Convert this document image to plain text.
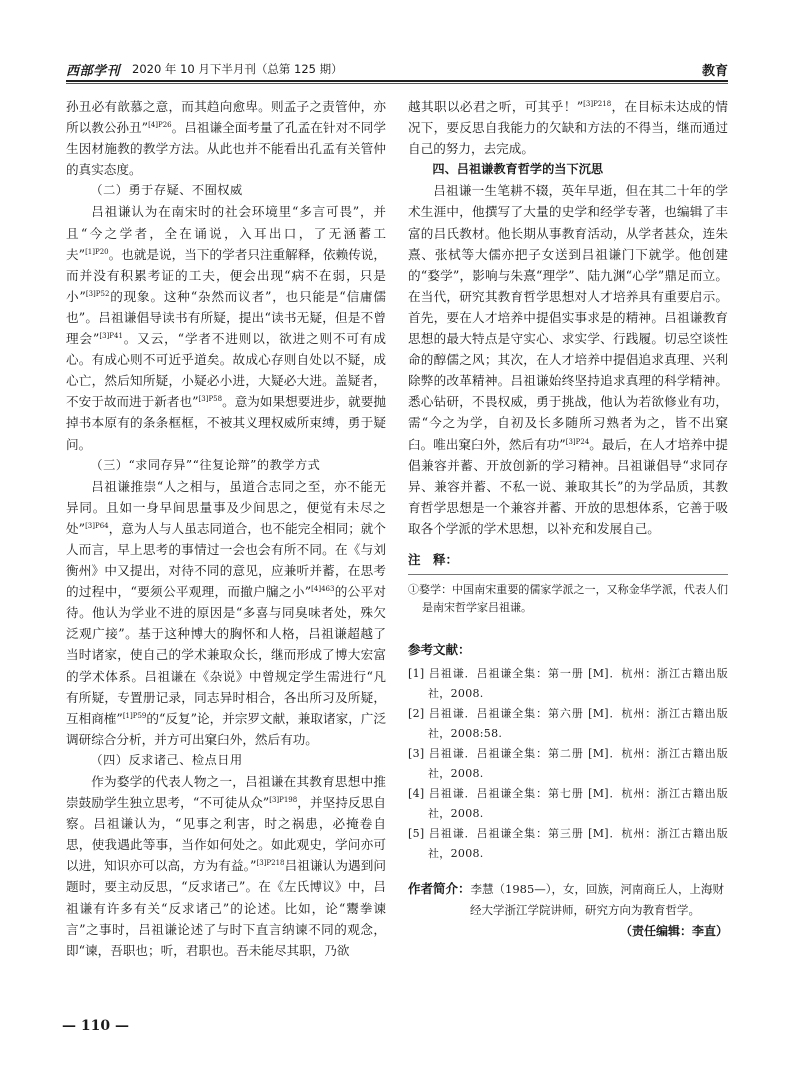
西部学刊 2020 年 10 月下半月刊（总第 125 期）	教育

孙丑必有歆慕之意，而其趋向愈卑。则孟子之责管仲，亦所以教公孙丑”$^{[4]P26}$。吕祖谦全面考量了孔孟在针对不同学生因材施教的教学方法。从此也并不能看出孔孟有关管仲的真实态度。

（二）勇于存疑、不囿权威

吕祖谦认为在南宋时的社会环境里“多言可畏”，并且“今之学者，全在诵说，入耳出口，了无涵蓄工夫”$^{[1]P20}$。也就是说，当下的学者只注重解释，依赖传说，而并没有积累考证的工夫，便会出现“病不在弱，只是小”$^{[3]P52}$的现象。这种“杂然而议者”，也只能是“信庸儒也”。吕祖谦倡导读书有所疑，提出“读书无疑，但是不曾理会”$^{[3]P41}$。又云，“学者不进则以，欲进之则不可有成心。有成心则不可近乎道矣。故成心存则自处以不疑，成心亡，然后知所疑，小疑必小进，大疑必大进。盖疑者，不安于故而进于新者也”$^{[3]P58}$。意为如果想要进步，就要抛掉书本原有的条条框框，不被其义理权威所束缚，勇于疑问。

（三）“求同存异”“往复论辩”的教学方式

吕祖谦推崇“人之相与，虽道合志同之至，亦不能无异同。且如一身早间思量事及少间思之，便觉有未尽之处”$^{[3]P64}$，意为人与人虽志同道合，也不能完全相同；就个人而言，早上思考的事情过一会也会有所不同。在《与刘衡州》中又提出，对待不同的意见，应兼听并蓄，在思考的过程中，“要须公平观理，而撤户牖之小”$^{[4]463}$的公平对待。他认为学业不进的原因是“多喜与同臭味者处，殊欠泛观广接”。基于这种博大的胸怀和人格，吕祖谦超越了当时诸家，使自己的学术兼取众长，继而形成了博大宏富的学术体系。吕祖谦在《杂说》中曾规定学生需进行“凡有所疑，专置册记录，同志异时相合，各出所习及所疑，互相商榷”$^{[1]P59}$的“反复”论，并宗罗文献，兼取诸家，广泛调研综合分析，并方可出窠臼外，然后有功。

（四）反求诸己、检点日用

作为婺学的代表人物之一，吕祖谦在其教育思想中推崇鼓励学生独立思考，“不可徒从众”$^{[3]P198}$，并坚持反思自察。吕祖谦认为，“见事之利害，时之祸患，必掩卷自思，使我遇此等事，当作如何处之。如此观史，学问亦可以进，知识亦可以高，方为有益。”$^{[3]P218}$吕祖谦认为遇到问题时，要主动反思，“反求诸己”。在《左氏博议》中，吕祖谦有许多有关“反求诸己”的论述。比如，论“鬻拳谏言”之事时，吕祖谦论述了与时下直言纳谏不同的观念，即“谏，吾职也；听，君职也。吾未能尽其职，乃欲

越其职以必君之听，可其乎！”$^{[3]P218}$，在目标未达成的情况下，要反思自我能力的欠缺和方法的不得当，继而通过自己的努力，去完成。

四、吕祖谦教育哲学的当下沉思

吕祖谦一生笔耕不辍，英年早逝，但在其二十年的学术生涯中，他撰写了大量的史学和经学专著，也编辑了丰富的吕氏教材。他长期从事教育活动，从学者甚众，连朱熹、张栻等大儒亦把子女送到吕祖谦门下就学。他创建的“婺学”，影响与朱熹“理学”、陆九渊“心学”鼎足而立。在当代，研究其教育哲学思想对人才培养具有重要启示。首先，要在人才培养中提倡实事求是的精神。吕祖谦教育思想的最大特点是守实心、求实学、行践履。切忌空谈性命的醇儒之风；其次，在人才培养中提倡追求真理、兴利除弊的改革精神。吕祖谦始终坚持追求真理的科学精神。悉心钻研，不畏权威，勇于挑战，他认为若欲修业有功，需“今之为学，自初及长多随所习熟者为之，皆不出窠臼。唯出窠臼外，然后有功”$^{[3]P24}$。最后，在人才培养中提倡兼容并蓄、开放创新的学习精神。吕祖谦倡导“求同存异、兼容并蓄、不私一说、兼取其长”的为学品质，其教育哲学思想是一个兼容并蓄、开放的思想体系，它善于吸取各个学派的学术思想，以补充和发展自己。

注　释：
①婺学：中国南宋重要的儒家学派之一，又称金华学派，代表人们是南宋哲学家吕祖谦。
参考文献：
[1] 吕祖谦．吕祖谦全集：第一册 [M]．杭州：浙江古籍出版社，2008.
[2] 吕祖谦．吕祖谦全集：第六册 [M]．杭州：浙江古籍出版社，2008:58.
[3] 吕祖谦．吕祖谦全集：第二册 [M]．杭州：浙江古籍出版社，2008.
[4] 吕祖谦．吕祖谦全集：第七册 [M]．杭州：浙江古籍出版社，2008.
[5] 吕祖谦．吕祖谦全集：第三册 [M]．杭州：浙江古籍出版社，2008.
作者简介：李慧（1985—），女，回族，河南商丘人，上海财
经大学浙江学院讲师，研究方向为教育哲学。
（责任编辑：李直）
— 110 —
